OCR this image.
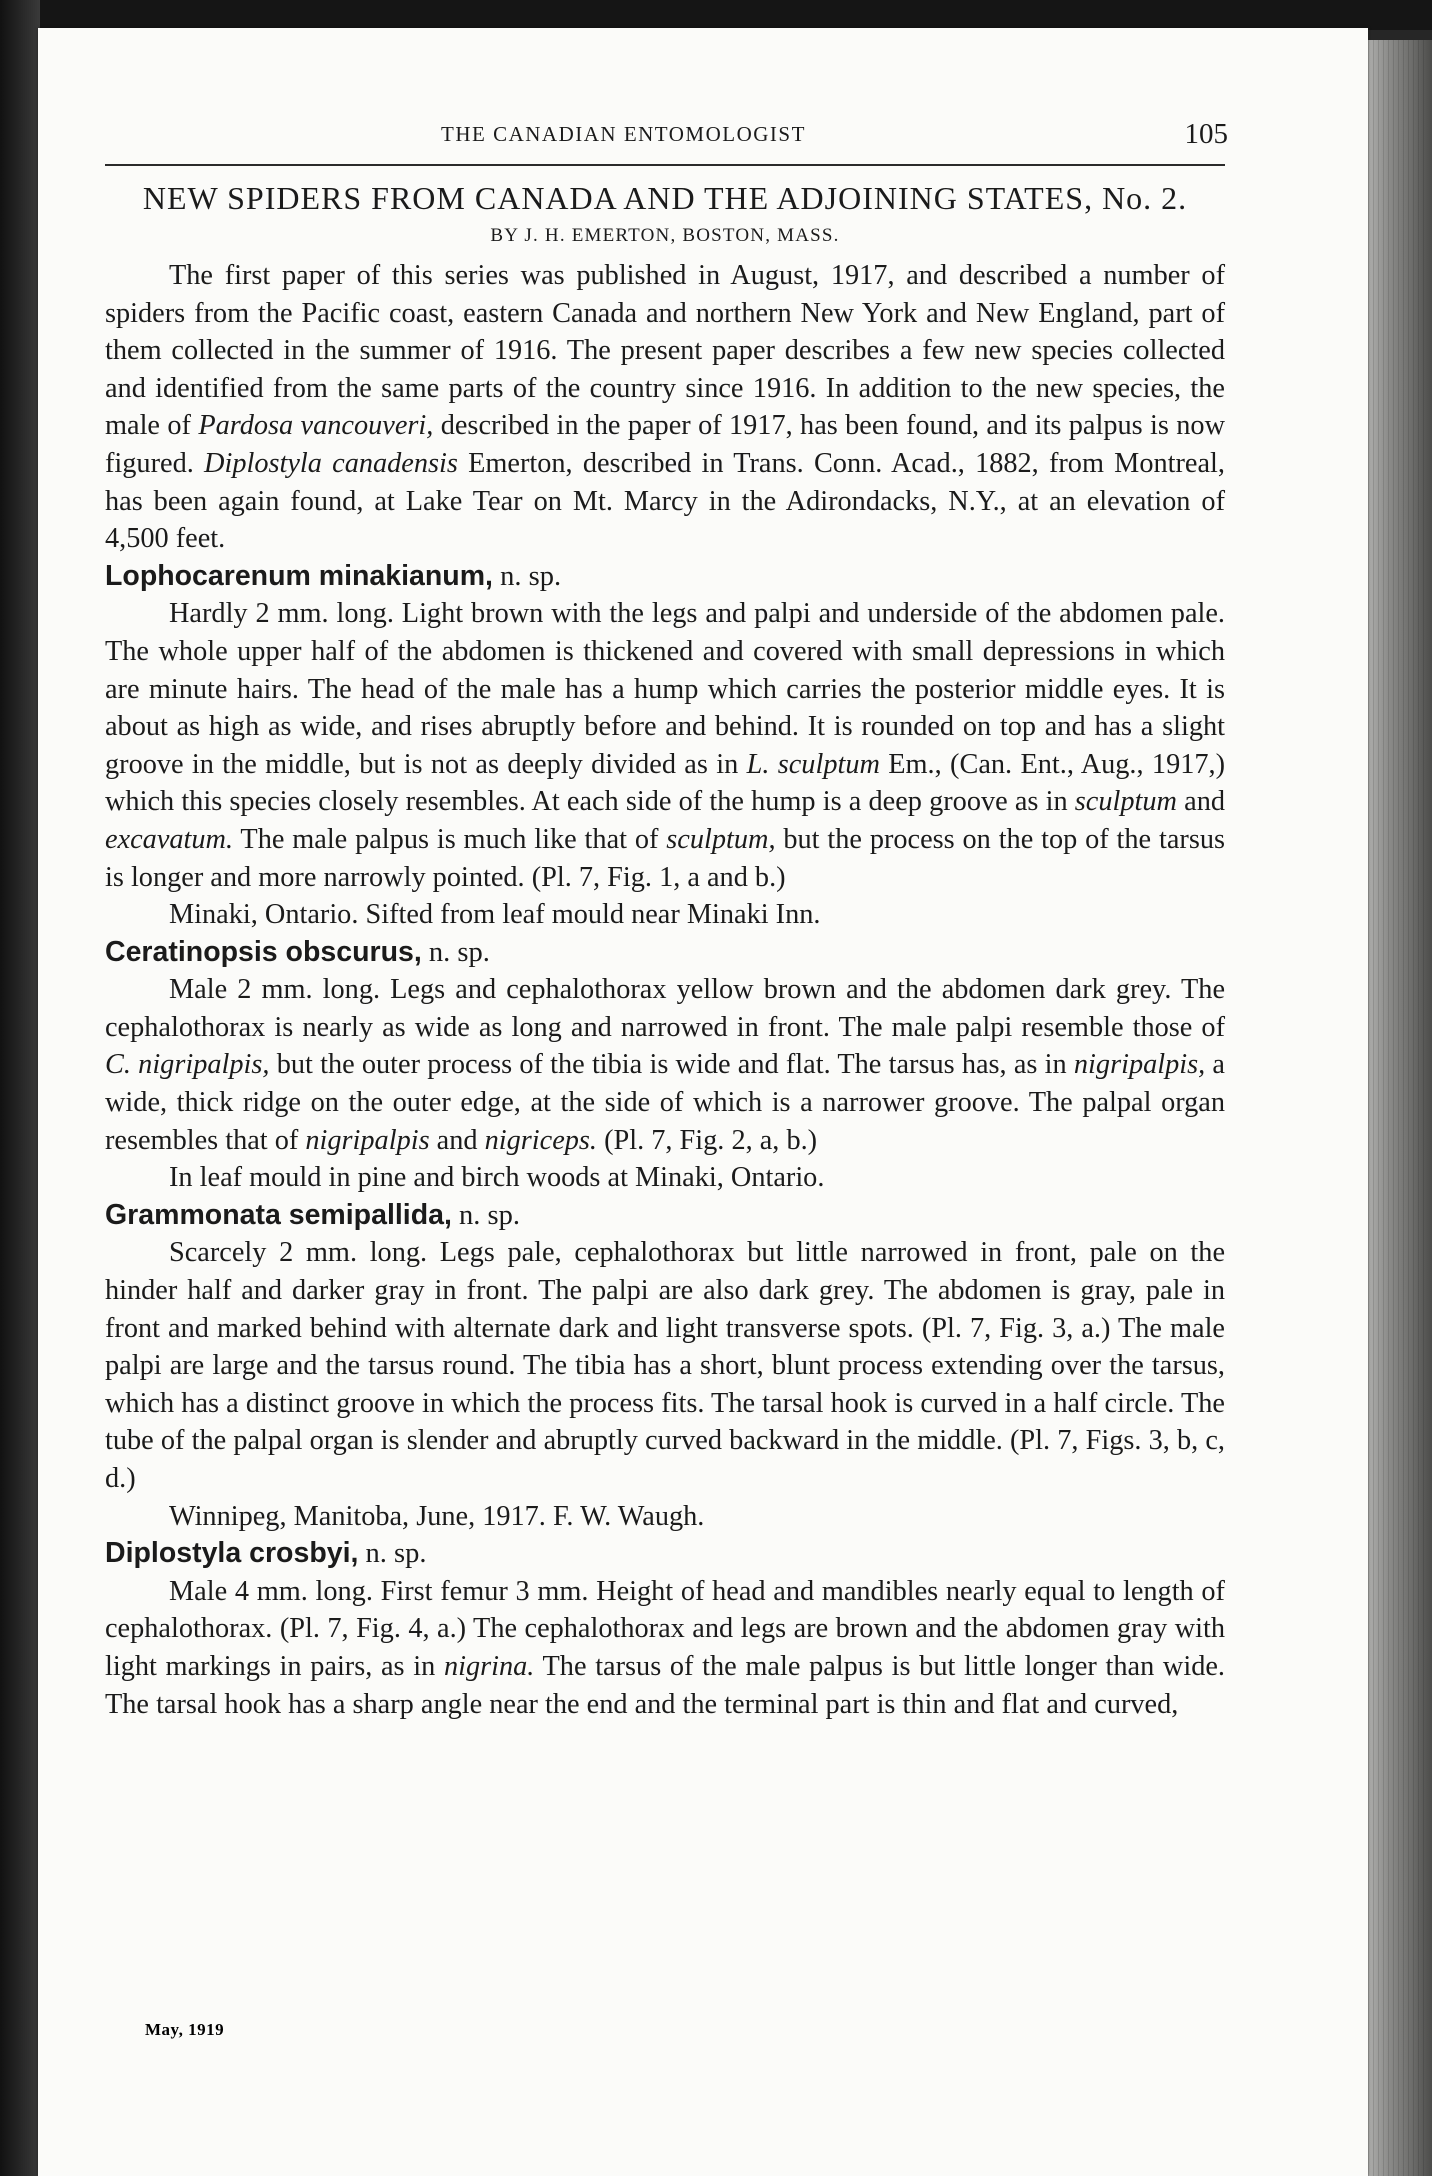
THE CANADIAN ENTOMOLOGIST	105
NEW SPIDERS FROM CANADA AND THE ADJOINING STATES, No. 2.
BY J. H. EMERTON, BOSTON, MASS.

The first paper of this series was published in August, 1917, and described a number of spiders from the Pacific coast, eastern Canada and northern New York and New England, part of them collected in the summer of 1916. The present paper describes a few new species collected and identified from the same parts of the country since 1916. In addition to the new species, the male of Pardosa vancouveri, described in the paper of 1917, has been found, and its palpus is now figured. Diplostyla canadensis Emerton, described in Trans. Conn. Acad., 1882, from Montreal, has been again found, at Lake Tear on Mt. Marcy in the Adirondacks, N.Y., at an elevation of 4,500 feet.

Lophocarenum minakianum, n. sp.

Hardly 2 mm. long. Light brown with the legs and palpi and underside of the abdomen pale. The whole upper half of the abdomen is thickened and covered with small depressions in which are minute hairs. The head of the male has a hump which carries the posterior middle eyes. It is about as high as wide, and rises abruptly before and behind. It is rounded on top and has a slight groove in the middle, but is not as deeply divided as in L. sculptum Em., (Can. Ent., Aug., 1917,) which this species closely resembles. At each side of the hump is a deep groove as in sculptum and excavatum. The male palpus is much like that of sculptum, but the process on the top of the tarsus is longer and more narrowly pointed. (Pl. 7, Fig. 1, a and b.)

Minaki, Ontario. Sifted from leaf mould near Minaki Inn.

Ceratinopsis obscurus, n. sp.

Male 2 mm. long. Legs and cephalothorax yellow brown and the abdomen dark grey. The cephalothorax is nearly as wide as long and narrowed in front. The male palpi resemble those of C. nigripalpis, but the outer process of the tibia is wide and flat. The tarsus has, as in nigripalpis, a wide, thick ridge on the outer edge, at the side of which is a narrower groove. The palpal organ resembles that of nigripalpis and nigriceps. (Pl. 7, Fig. 2, a, b.)

In leaf mould in pine and birch woods at Minaki, Ontario.

Grammonata semipallida, n. sp.

Scarcely 2 mm. long. Legs pale, cephalothorax but little narrowed in front, pale on the hinder half and darker gray in front. The palpi are also dark grey. The abdomen is gray, pale in front and marked behind with alternate dark and light transverse spots. (Pl. 7, Fig. 3, a.) The male palpi are large and the tarsus round. The tibia has a short, blunt process extending over the tarsus, which has a distinct groove in which the process fits. The tarsal hook is curved in a half circle. The tube of the palpal organ is slender and abruptly curved backward in the middle. (Pl. 7, Figs. 3, b, c, d.)

Winnipeg, Manitoba, June, 1917. F. W. Waugh.

Diplostyla crosbyi, n. sp.

Male 4 mm. long. First femur 3 mm. Height of head and mandibles nearly equal to length of cephalothorax. (Pl. 7, Fig. 4, a.) The cephalothorax and legs are brown and the abdomen gray with light markings in pairs, as in nigrina. The tarsus of the male palpus is but little longer than wide. The tarsal hook has a sharp angle near the end and the terminal part is thin and flat and curved,

May, 1919
